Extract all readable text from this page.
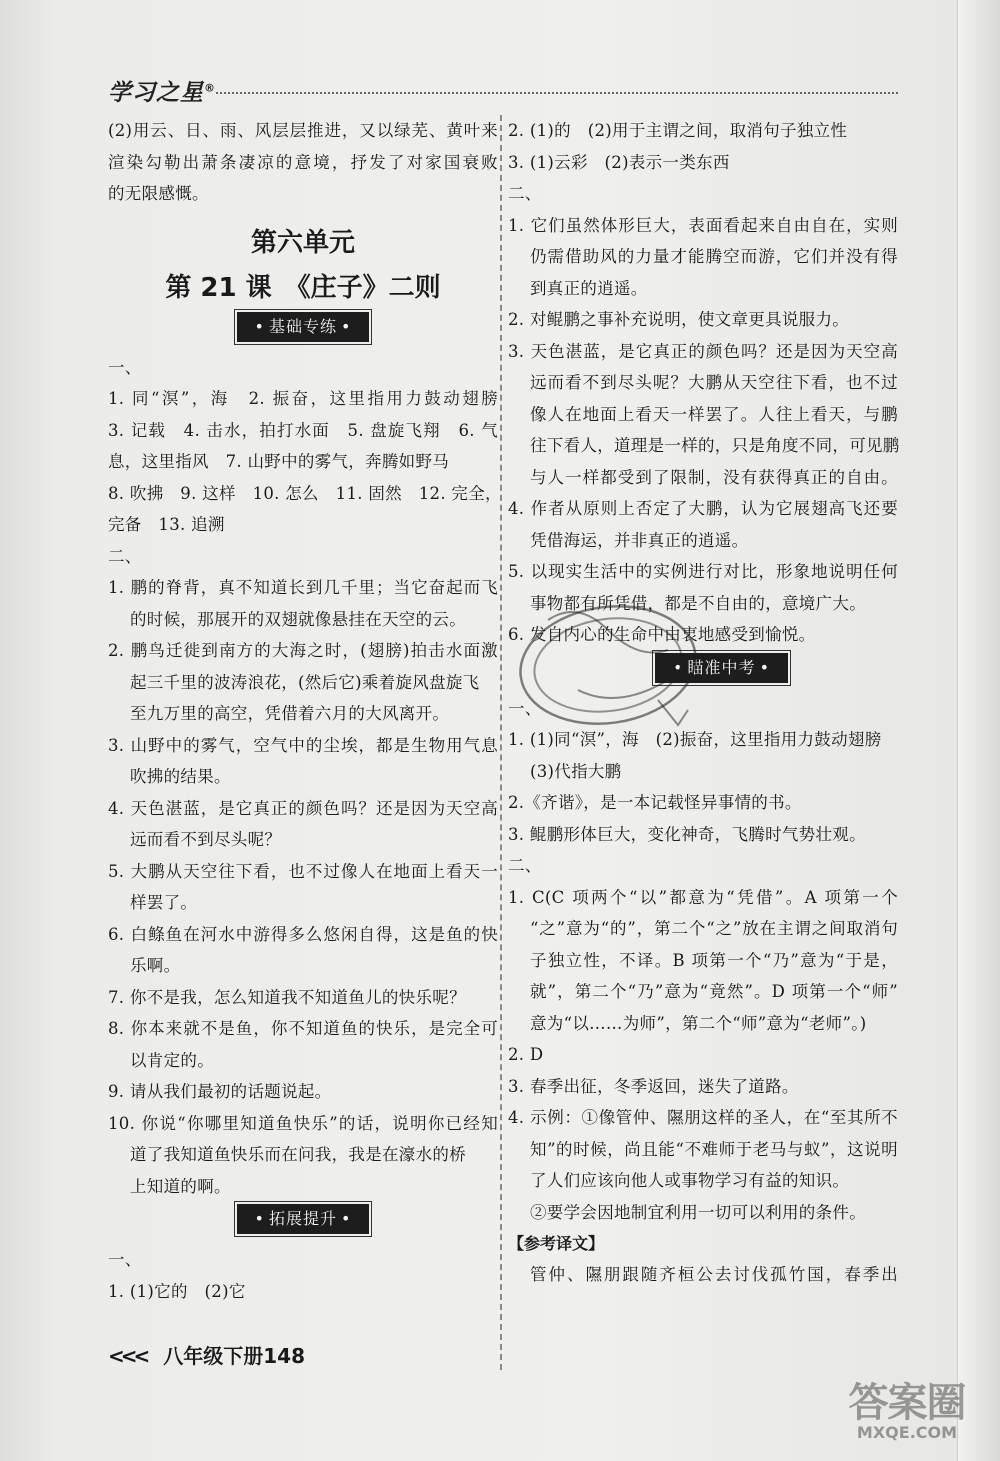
学习之星®
(2)用云、日、雨、风层层推进，又以绿芜、黄叶来
渲染勾勒出萧条凄凉的意境，抒发了对家国衰败
的无限感慨。
第六单元
第 21 课　《庄子》二则
• 基础专练 •
一、
1. 同“溟”，海　2. 振奋，这里指用力鼓动翅膀
3. 记载　4. 击水，拍打水面　5. 盘旋飞翔　6. 气
息，这里指风　7. 山野中的雾气，奔腾如野马
8. 吹拂　9. 这样　10. 怎么　11. 固然　12. 完全，
完备　13. 追溯
二、
1. 鹏的脊背，真不知道长到几千里；当它奋起而飞
的时候，那展开的双翅就像悬挂在天空的云。
2. 鹏鸟迁徙到南方的大海之时，(翅膀)拍击水面激
起三千里的波涛浪花，(然后它)乘着旋风盘旋飞
至九万里的高空，凭借着六月的大风离开。
3. 山野中的雾气，空气中的尘埃，都是生物用气息
吹拂的结果。
4. 天色湛蓝，是它真正的颜色吗？还是因为天空高
远而看不到尽头呢？
5. 大鹏从天空往下看，也不过像人在地面上看天一
样罢了。
6. 白鲦鱼在河水中游得多么悠闲自得，这是鱼的快
乐啊。
7. 你不是我，怎么知道我不知道鱼儿的快乐呢？
8. 你本来就不是鱼，你不知道鱼的快乐，是完全可
以肯定的。
9. 请从我们最初的话题说起。
10. 你说“你哪里知道鱼快乐”的话，说明你已经知
道了我知道鱼快乐而在问我，我是在濠水的桥
上知道的啊。
• 拓展提升 •
一、
1. (1)它的　(2)它
2. (1)的　(2)用于主谓之间，取消句子独立性
3. (1)云彩　(2)表示一类东西
二、
1. 它们虽然体形巨大，表面看起来自由自在，实则
仍需借助风的力量才能腾空而游，它们并没有得
到真正的逍遥。
2. 对鲲鹏之事补充说明，使文章更具说服力。
3. 天色湛蓝，是它真正的颜色吗？还是因为天空高
远而看不到尽头呢？大鹏从天空往下看，也不过
像人在地面上看天一样罢了。人往上看天，与鹏
往下看人，道理是一样的，只是角度不同，可见鹏
与人一样都受到了限制，没有获得真正的自由。
4. 作者从原则上否定了大鹏，认为它展翅高飞还要
凭借海运，并非真正的逍遥。
5. 以现实生活中的实例进行对比，形象地说明任何
事物都有所凭借，都是不自由的，意境广大。
6. 发自内心的生命中由衷地感受到愉悦。
• 瞄准中考 •
一、
1. (1)同“溟”，海　(2)振奋，这里指用力鼓动翅膀
(3)代指大鹏
2.《齐谐》，是一本记载怪异事情的书。
3. 鲲鹏形体巨大，变化神奇，飞腾时气势壮观。
二、
1. C(C 项两个“以”都意为“凭借”。A 项第一个
“之”意为“的”，第二个“之”放在主谓之间取消句
子独立性，不译。B 项第一个“乃”意为“于是，
就”，第二个“乃”意为“竟然”。D 项第一个“师”
意为“以……为师”，第二个“师”意为“老师”。)
2. D
3. 春季出征，冬季返回，迷失了道路。
4. 示例：①像管仲、隰朋这样的圣人，在“至其所不
知”的时候，尚且能“不难师于老马与蚁”，这说明
了人们应该向他人或事物学习有益的知识。
②要学会因地制宜利用一切可以利用的条件。
【参考译文】
管仲、隰朋跟随齐桓公去讨伐孤竹国，春季出
<<< 八年级下册148
答案圈
MXQE.COM
